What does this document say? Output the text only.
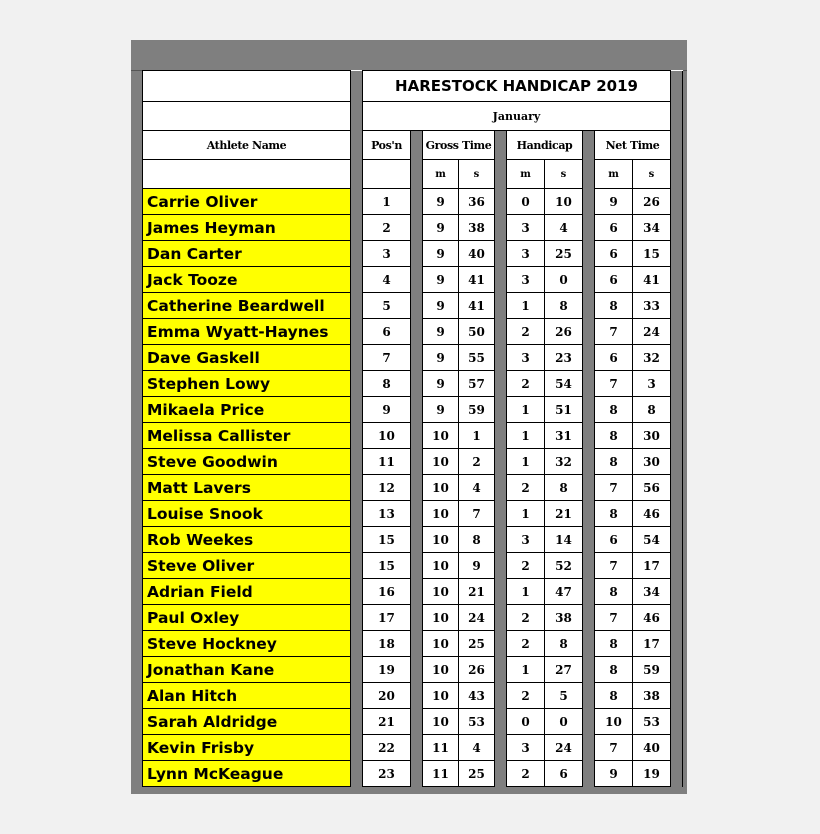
		HARESTOCK HANDICAP 2019										
		January										
Athlete Name		Pos'n		Gross Time			Handicap			Net Time		
				m	s		m	s		m	s	
Carrie Oliver		1		9	36		0	10		9	26	
James Heyman		2		9	38		3	4		6	34	
Dan Carter		3		9	40		3	25		6	15	
Jack Tooze		4		9	41		3	0		6	41	
Catherine Beardwell		5		9	41		1	8		8	33	
Emma Wyatt-Haynes		6		9	50		2	26		7	24	
Dave Gaskell		7		9	55		3	23		6	32	
Stephen Lowy		8		9	57		2	54		7	3	
Mikaela Price		9		9	59		1	51		8	8	
Melissa Callister		10		10	1		1	31		8	30	
Steve Goodwin		11		10	2		1	32		8	30	
Matt Lavers		12		10	4		2	8		7	56	
Louise Snook		13		10	7		1	21		8	46	
Rob Weekes		15		10	8		3	14		6	54	
Steve Oliver		15		10	9		2	52		7	17	
Adrian Field		16		10	21		1	47		8	34	
Paul Oxley		17		10	24		2	38		7	46	
Steve Hockney		18		10	25		2	8		8	17	
Jonathan Kane		19		10	26		1	27		8	59	
Alan Hitch		20		10	43		2	5		8	38	
Sarah Aldridge		21		10	53		0	0		10	53	
Kevin Frisby		22		11	4		3	24		7	40	
Lynn McKeague		23		11	25		2	6		9	19	
